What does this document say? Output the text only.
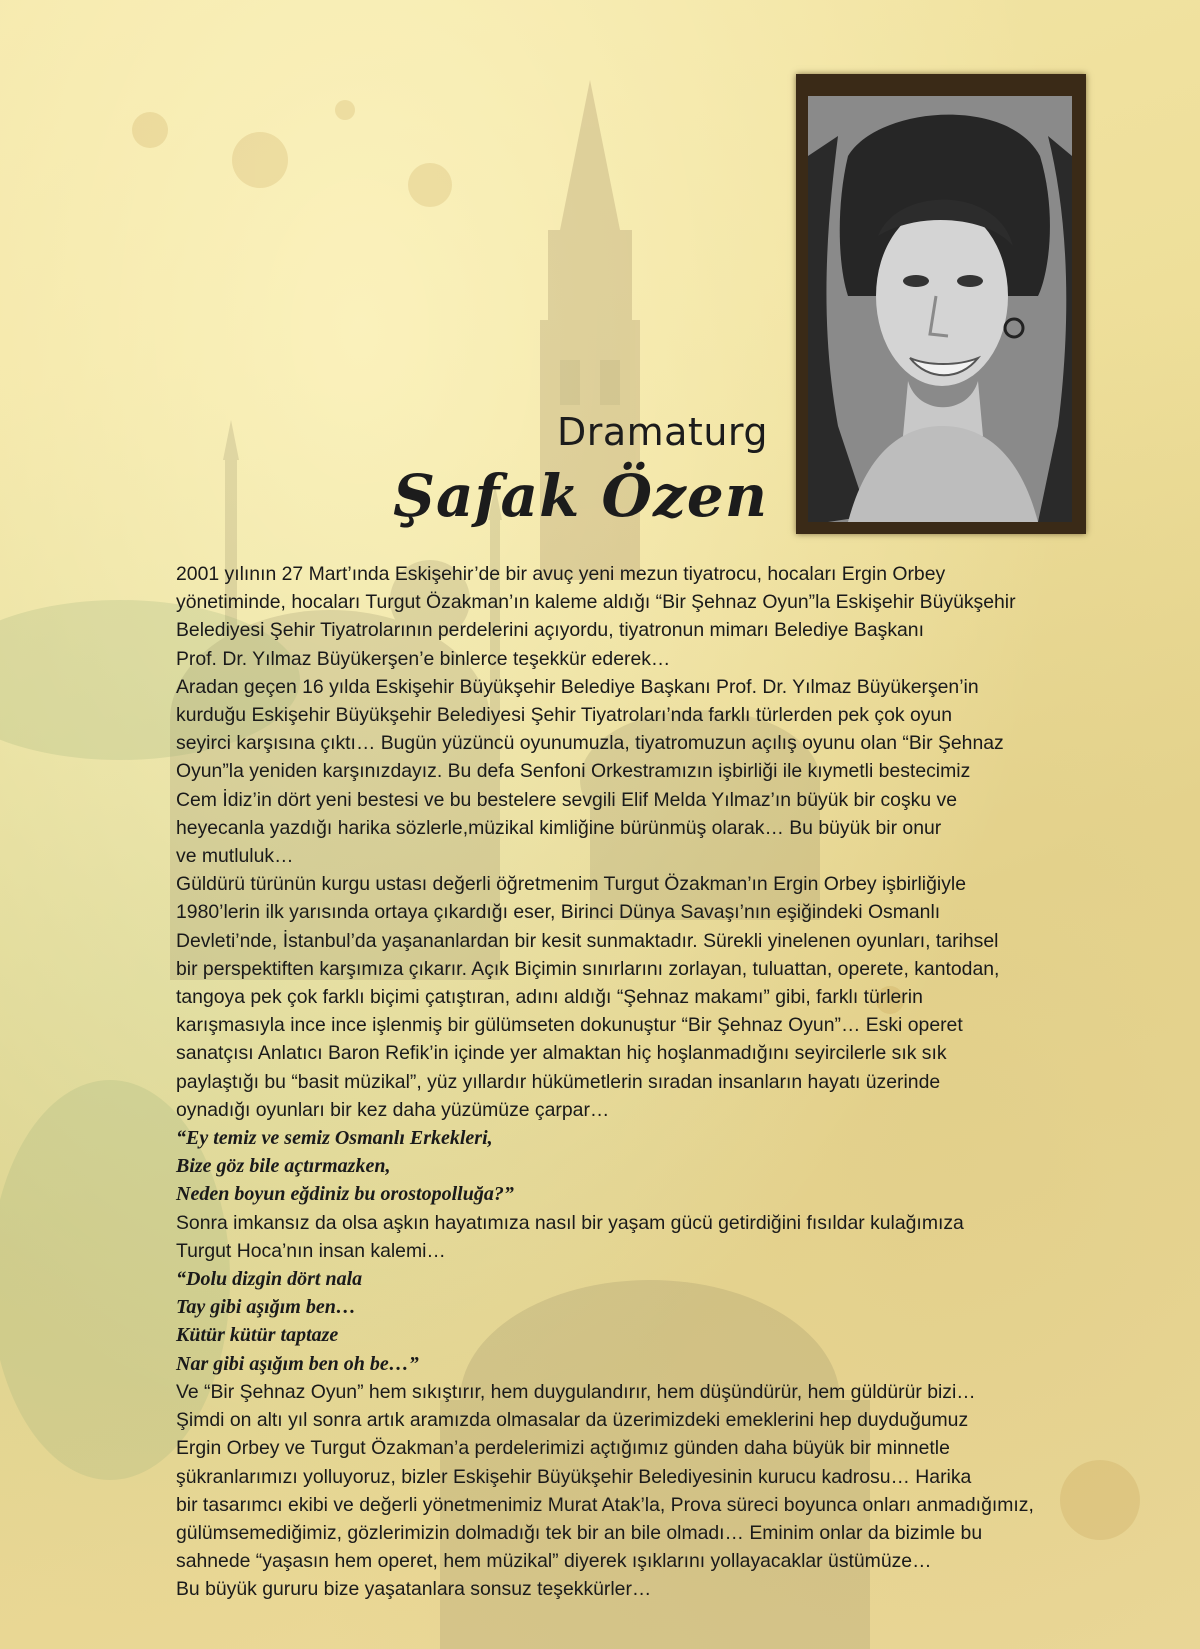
Dramaturg
Şafak Özen

2001 yılının 27 Mart’ında Eskişehir’de bir avuç yeni mezun tiyatrocu, hocaları Ergin Orbey
yönetiminde, hocaları Turgut Özakman’ın kaleme aldığı “Bir Şehnaz Oyun”la Eskişehir Büyükşehir
Belediyesi Şehir Tiyatrolarının perdelerini açıyordu, tiyatronun mimarı Belediye Başkanı
Prof. Dr. Yılmaz Büyükerşen’e binlerce teşekkür ederek…

Aradan geçen 16 yılda Eskişehir Büyükşehir Belediye Başkanı Prof. Dr. Yılmaz Büyükerşen’in
kurduğu Eskişehir Büyükşehir Belediyesi Şehir Tiyatroları’nda farklı türlerden pek çok oyun
seyirci karşısına çıktı… Bugün yüzüncü oyunumuzla, tiyatromuzun açılış oyunu olan “Bir Şehnaz
Oyun”la yeniden karşınızdayız. Bu defa Senfoni Orkestramızın işbirliği ile kıymetli bestecimiz
Cem İdiz’in dört yeni bestesi ve bu bestelere sevgili Elif Melda Yılmaz’ın büyük bir coşku ve
heyecanla yazdığı harika sözlerle,müzikal kimliğine bürünmüş olarak… Bu büyük bir onur
ve mutluluk…

Güldürü türünün kurgu ustası değerli öğretmenim Turgut Özakman’ın Ergin Orbey işbirliğiyle
1980’lerin ilk yarısında ortaya çıkardığı eser, Birinci Dünya Savaşı’nın eşiğindeki Osmanlı
Devleti’nde, İstanbul’da yaşananlardan bir kesit sunmaktadır. Sürekli yinelenen oyunları, tarihsel
bir perspektiften karşımıza çıkarır. Açık Biçimin sınırlarını zorlayan, tuluattan, operete, kantodan,
tangoya pek çok farklı biçimi çatıştıran, adını aldığı “Şehnaz makamı” gibi, farklı türlerin
karışmasıyla ince ince işlenmiş bir gülümseten dokunuştur “Bir Şehnaz Oyun”… Eski operet
sanatçısı Anlatıcı Baron Refik’in içinde yer almaktan hiç hoşlanmadığını seyircilerle sık sık
paylaştığı bu “basit müzikal”, yüz yıllardır hükümetlerin sıradan insanların hayatı üzerinde
oynadığı oyunları bir kez daha yüzümüze çarpar…

“Ey temiz ve semiz Osmanlı Erkekleri,
Bize göz bile açtırmazken,
Neden boyun eğdiniz bu orostopolluğa?”

Sonra imkansız da olsa aşkın hayatımıza nasıl bir yaşam gücü getirdiğini fısıldar kulağımıza
Turgut Hoca’nın insan kalemi…

“Dolu dizgin dört nala
Tay gibi aşığım ben…
Kütür kütür taptaze
Nar gibi aşığım ben oh be…”

Ve “Bir Şehnaz Oyun” hem sıkıştırır, hem duygulandırır, hem düşündürür, hem güldürür bizi…
Şimdi on altı yıl sonra artık aramızda olmasalar da üzerimizdeki emeklerini hep duyduğumuz
Ergin Orbey ve Turgut Özakman’a perdelerimizi açtığımız günden daha büyük bir minnetle
şükranlarımızı yolluyoruz, bizler Eskişehir Büyükşehir Belediyesinin kurucu kadrosu… Harika
bir tasarımcı ekibi ve değerli yönetmenimiz Murat Atak’la, Prova süreci boyunca onları anmadığımız,
gülümsemediğimiz, gözlerimizin dolmadığı tek bir an bile olmadı… Eminim onlar da bizimle bu
sahnede “yaşasın hem operet, hem müzikal” diyerek ışıklarını yollayacaklar üstümüze…
Bu büyük gururu bize yaşatanlara sonsuz teşekkürler…
